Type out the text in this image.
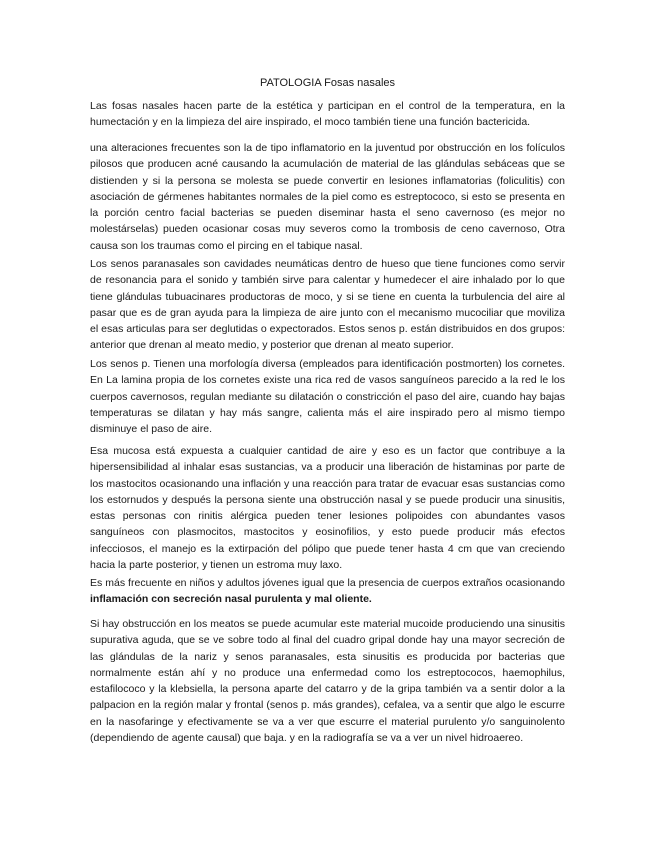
PATOLOGIA Fosas nasales

Las fosas nasales hacen parte de la estética y participan en el control de la temperatura, en la humectación y en la limpieza del aire inspirado, el moco también tiene una función bactericida.

una alteraciones frecuentes son la de tipo inflamatorio en la juventud por obstrucción en los folículos pilosos que producen acné causando la acumulación de material de las glándulas sebáceas que se distienden y si la persona se molesta se puede convertir en lesiones inflamatorias (foliculitis) con asociación de gérmenes habitantes normales de la piel como es estreptococo, si esto se presenta en la porción centro facial bacterias se pueden diseminar hasta el seno cavernoso (es mejor no molestárselas) pueden ocasionar cosas muy severos como la trombosis de ceno cavernoso, Otra causa son los traumas como el pircing en el tabique nasal.

Los senos paranasales son cavidades neumáticas dentro de hueso que tiene funciones como servir de resonancia para el sonido y también sirve para calentar y humedecer el aire inhalado por lo que tiene glándulas tubuacinares productoras de moco, y si se tiene en cuenta la turbulencia del aire al pasar que es de gran ayuda para la limpieza de aire junto con el mecanismo mucociliar que moviliza el esas articulas para ser deglutidas o expectorados. Estos senos p. están distribuidos en dos grupos: anterior que drenan al meato medio, y posterior que drenan al meato superior.

Los senos p. Tienen una morfología diversa (empleados para identificación postmorten) los cornetes. En La lamina propia de los cornetes existe una rica red de vasos sanguíneos parecido a la red le los cuerpos cavernosos, regulan mediante su dilatación o constricción el paso del aire, cuando hay bajas temperaturas se dilatan y hay más sangre, calienta más el aire inspirado pero al mismo tiempo disminuye el paso de aire.

Esa mucosa está expuesta a cualquier cantidad de aire y eso es un factor que contribuye a la hipersensibilidad al inhalar esas sustancias, va a producir una liberación de histaminas por parte de los mastocitos ocasionando una inflación y una reacción para tratar de evacuar esas sustancias como los estornudos y después la persona siente una obstrucción nasal y se puede producir una sinusitis, estas personas con rinitis alérgica pueden tener lesiones polipoides con abundantes vasos sanguíneos con plasmocitos, mastocitos y eosinofilios, y esto puede producir más efectos infecciosos, el manejo es la extirpación del pólipo que puede tener hasta 4 cm que van creciendo hacia la parte posterior, y tienen un estroma muy laxo.

Es más frecuente en niños y adultos jóvenes igual que la presencia de cuerpos extraños ocasionando inflamación con secreción nasal purulenta y mal oliente.

Si hay obstrucción en los meatos se puede acumular este material mucoide produciendo una sinusitis supurativa aguda, que se ve sobre todo al final del cuadro gripal donde hay una mayor secreción de las glándulas de la nariz y senos paranasales, esta sinusitis es producida por bacterias que normalmente están ahí y no produce una enfermedad como los estreptococos, haemophilus, estafilococo y la klebsiella, la persona aparte del catarro y de la gripa también va a sentir dolor a la palpacion en la región malar y frontal (senos p. más grandes), cefalea, va a sentir que algo le escurre en la nasofaringe y efectivamente se va a ver que escurre el material purulento y/o sanguinolento (dependiendo de agente causal) que baja. y en la radiografía se va a ver un nivel hidroaereo.
